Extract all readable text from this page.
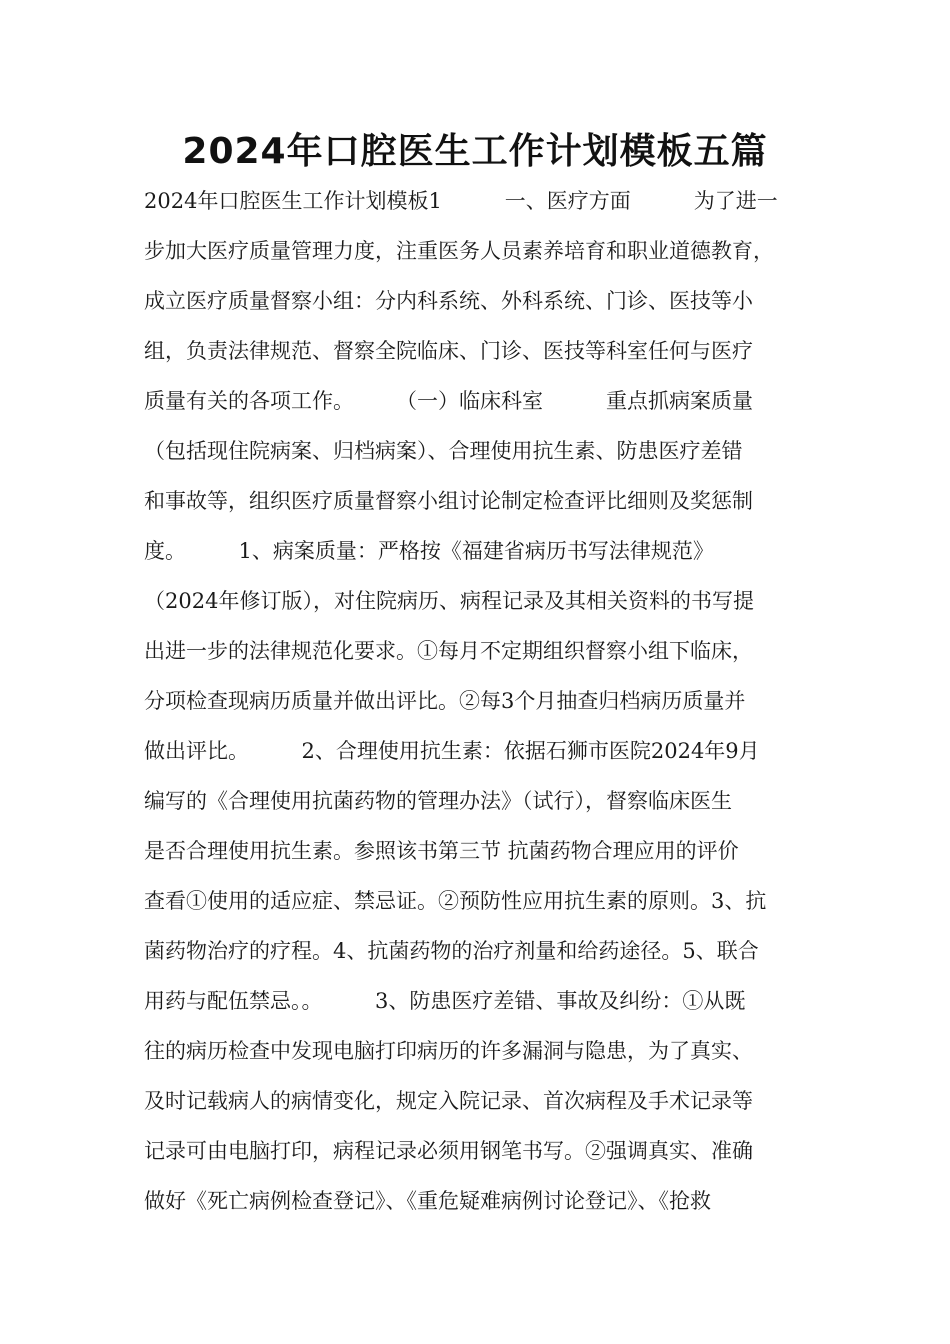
2024年口腔医生工作计划模板五篇
2024年口腔医生工作计划模板1　　　一、医疗方面　　　为了进一
步加大医疗质量管理力度，注重医务人员素养培育和职业道德教育，
成立医疗质量督察小组：分内科系统、外科系统、门诊、医技等小
组，负责法律规范、督察全院临床、门诊、医技等科室任何与医疗
质量有关的各项工作。　　　（一）临床科室　　　重点抓病案质量
（包括现住院病案、归档病案）、合理使用抗生素、防患医疗差错
和事故等，组织医疗质量督察小组讨论制定检查评比细则及奖惩制
度。　　　1、病案质量：严格按《福建省病历书写法律规范》
（2024年修订版），对住院病历、病程记录及其相关资料的书写提
出进一步的法律规范化要求。①每月不定期组织督察小组下临床，
分项检查现病历质量并做出评比。②每3个月抽查归档病历质量并
做出评比。　　　2、合理使用抗生素：依据石狮市医院2024年9月
编写的《合理使用抗菌药物的管理办法》（试行），督察临床医生
是否合理使用抗生素。参照该书第三节 抗菌药物合理应用的评价
查看①使用的适应症、禁忌证。②预防性应用抗生素的原则。3、抗
菌药物治疗的疗程。4、抗菌药物的治疗剂量和给药途径。5、联合
用药与配伍禁忌。。　　　3、防患医疗差错、事故及纠纷：①从既
往的病历检查中发现电脑打印病历的许多漏洞与隐患，为了真实、
及时记载病人的病情变化，规定入院记录、首次病程及手术记录等
记录可由电脑打印，病程记录必须用钢笔书写。②强调真实、准确
做好《死亡病例检查登记》、《重危疑难病例讨论登记》、《抢救
